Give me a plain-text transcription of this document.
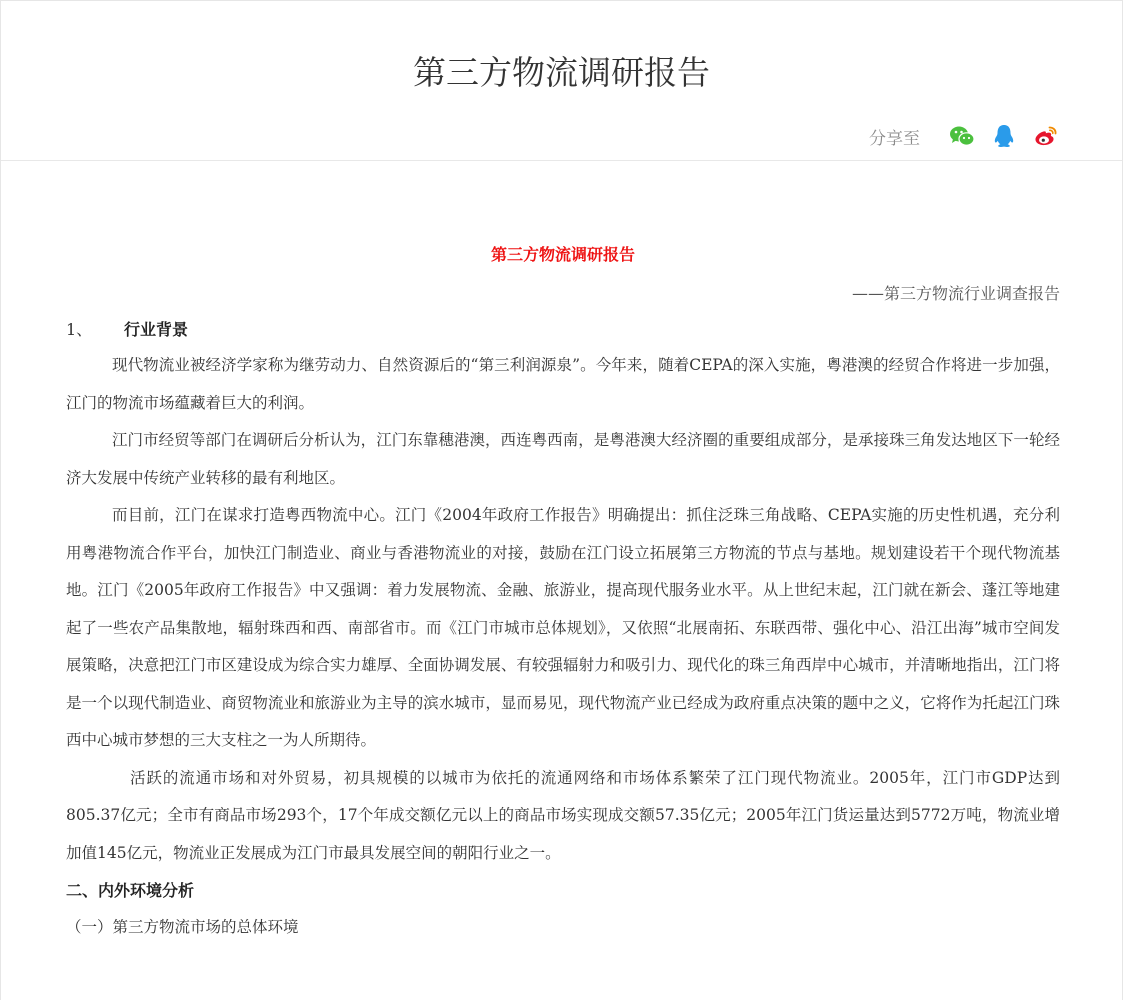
第三方物流调研报告
分享至
第三方物流调研报告
——第三方物流行业调查报告
1、 行业背景

现代物流业被经济学家称为继劳动力、自然资源后的“第三利润源泉”。今年来，随着CEPA的深入实施，粤港澳的经贸合作将进一步加强，江门的物流市场蕴藏着巨大的利润。

江门市经贸等部门在调研后分析认为，江门东靠穗港澳，西连粤西南，是粤港澳大经济圈的重要组成部分，是承接珠三角发达地区下一轮经济大发展中传统产业转移的最有利地区。

而目前，江门在谋求打造粤西物流中心。江门《2004年政府工作报告》明确提出：抓住泛珠三角战略、CEPA实施的历史性机遇，充分利用粤港物流合作平台，加快江门制造业、商业与香港物流业的对接，鼓励在江门设立拓展第三方物流的节点与基地。规划建设若干个现代物流基地。江门《2005年政府工作报告》中又强调：着力发展物流、金融、旅游业，提高现代服务业水平。从上世纪末起，江门就在新会、蓬江等地建起了一些农产品集散地，辐射珠西和西、南部省市。而《江门市城市总体规划》，又依照“北展南拓、东联西带、强化中心、沿江出海”城市空间发展策略，决意把江门市区建设成为综合实力雄厚、全面协调发展、有较强辐射力和吸引力、现代化的珠三角西岸中心城市，并清晰地指出，江门将是一个以现代制造业、商贸物流业和旅游业为主导的滨水城市，显而易见，现代物流产业已经成为政府重点决策的题中之义，它将作为托起江门珠西中心城市梦想的三大支柱之一为人所期待。

活跃的流通市场和对外贸易，初具规模的以城市为依托的流通网络和市场体系繁荣了江门现代物流业。2005年，江门市GDP达到805.37亿元；全市有商品市场293个，17个年成交额亿元以上的商品市场实现成交额57.35亿元；2005年江门货运量达到5772万吨，物流业增加值145亿元，物流业正发展成为江门市最具发展空间的朝阳行业之一。

二、内外环境分析

（一）第三方物流市场的总体环境
